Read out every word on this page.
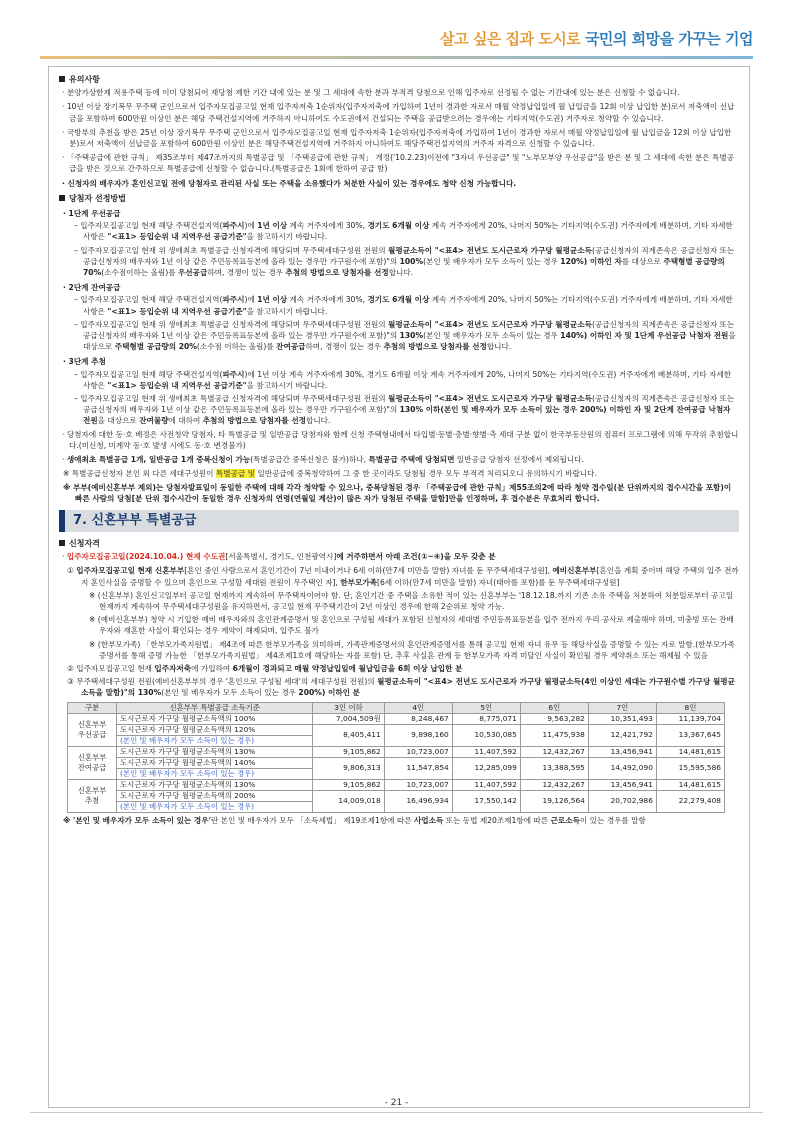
살고 싶은 집과 도시로 국민의 희망을 가꾸는 기업
유의사항
· 분양가상한제 적용주택 등에 이미 당첨되어 재당첨 제한 기간 내에 있는 분 및 그 세대에 속한 분과 부적격 당첨으로 인해 입주자로 선정될 수 없는 기간내에 있는 분은 신청할 수 없습니다.
· 10년 이상 장기복무 무주택 군인으로서 입주자모집공고일 현재 입주자저축 1순위자(입주자저축에 가입하여 1년이 경과한 자로서 매월 약정납입일에 월 납입금을 12회 이상 납입한 분)로서 저축액이 선납금을 포함하여 600만원 이상인 분은 해당 주택건설지역에 거주하지 아니하여도 수도권에서 건설되는 주택을 공급받으려는 경우에는 기타지역(수도권) 거주자로 청약할 수 있습니다.
· 국방부의 추천을 받은 25년 이상 장기복무 무주택 군인으로서 입주자모집공고일 현재 입주자저축 1순위자(입주자저축에 가입하여 1년이 경과한 자로서 매월 약정납입일에 월 납입금을 12회 이상 납입한 분)로서 저축액이 선납금을 포함하여 600만원 이상인 분은 해당주택건설지역에 거주하지 아니하여도 해당주택건설지역의 거주자 자격으로 신청할 수 있습니다.
· 「주택공급에 관한 규칙」 제35조부터 제47조까지의 특별공급 및 「주택공급에 관한 규칙」 개정('10.2.23)이전에 "3자녀 우선공급" 및 "노부모부양 우선공급"을 받은 분 및 그 세대에 속한 분은 특별공급을 받은 것으로 간주하므로 특별공급에 신청할 수 없습니다.(특별공급은 1회에 한하여 공급 함)
· 신청자의 배우자가 혼인신고일 전에 당첨자로 관리된 사실 또는 주택을 소유했다가 처분한 사실이 있는 경우에도 청약 신청 가능합니다.
당첨자 선정방법
· 1단계 우선공급
– 입주자모집공고일 현재 해당 주택건설지역(파주시)에 1년 이상 계속 거주자에게 30%, 경기도 6개월 이상 계속 거주자에게 20%, 나머지 50%는 기타지역(수도권) 거주자에게 배분하며, 기타 자세한 사항은 "<표1> 등입순위 내 지역우선 공급기준"을 참고하시기 바랍니다.
– 입주자모집공고일 현재 위 생애최초 특별공급 신청자격에 해당되며 무주택세대구성원 전원의 월평균소득이 "<표4> 전년도 도시근로자 가구당 월평균소득(공급신청자의 직계존속은 공급신청자 또는 공급신청자의 배우자와 1년 이상 같은 주민등록표등본에 올라 있는 경우만 가구원수에 포함)"의 100%(본인 및 배우자가 모두 소득이 있는 경우 120%) 이하인 자를 대상으로 주택형별 공급량의 70%(소수점이하는 올림)를 우선공급하며, 경쟁이 있는 경우 추첨의 방법으로 당첨자를 선정합니다.
· 2단계 잔여공급
– 입주자모집공고일 현재 해당 주택건설지역(파주시)에 1년 이상 계속 거주자에게 30%, 경기도 6개월 이상 계속 거주자에게 20%, 나머지 50%는 기타지역(수도권) 거주자에게 배분하며, 기타 자세한 사항은 "<표1> 등입순위 내 지역우선 공급기준"을 참고하시기 바랍니다.
– 입주자모집공고일 현재 위 생애최초 특별공급 신청자격에 해당되며 무주택세대구성원 전원의 월평균소득이 "<표4> 전년도 도시근로자 가구당 월평균소득(공급신청자의 직계존속은 공급신청자 또는 공급신청자의 배우자와 1년 이상 같은 주민등록표등본에 올라 있는 경우만 가구원수에 포함)"의 130%(본인 및 배우자가 모두 소득이 있는 경우 140%) 이하인 자 및 1단계 우선공급 낙첨자 전원을 대상으로 주택형별 공급량의 20%(소수점 이하는 올림)를 잔여공급하며, 경쟁이 있는 경우 추첨의 방법으로 당첨자를 선정합니다.
· 3단계 추첨
– 입주자모집공고일 현재 해당 주택건설지역(파주시)에 1년 이상 계속 거주자에게 30%, 경기도 6개월 이상 계속 거주자에게 20%, 나머지 50%는 기타지역(수도권) 거주자에게 배분하며, 기타 자세한 사항은 "<표1> 등입순위 내 지역우선 공급기준"을 참고하시기 바랍니다.
– 입주자모집공고일 현재 위 생애최초 특별공급 신청자격에 해당되며 무주택세대구성원 전원의 월평균소득이 "<표4> 전년도 도시근로자 가구당 월평균소득(공급신청자의 직계존속은 공급신청자 또는 공급신청자의 배우자와 1년 이상 같은 주민등록표등본에 올라 있는 경우만 가구원수에 포함)"의 130% 이하(본인 및 배우자가 모두 소득이 있는 경우 200%) 이하인 자 및 2단계 잔여공급 낙첨자 전원을 대상으로 잔여물량에 대하여 추첨의 방법으로 당첨자를 선정합니다.
· 당첨자에 대한 동·호 배정은 사전청약 당첨자, 타 특별공급 및 일반공급 당첨자와 함께 신청 주택형내에서 타입별·동별·층별·향별·측 세대 구분 없이 한국부동산원의 컴퓨터 프로그램에 의해 무작위 추첨합니다.(미신청, 미계약 동·호 발생 시에도 동·호 변경불가)
· 생애최초 특별공급 1개, 일반공급 1개 중복신청이 가능(특별공급간 중복신청은 불가)하나, 특별공급 주택에 당첨되면 일반공급 당첨자 선정에서 제외됩니다.
※ 특별공급신청자 본인 외 다른 세대구성원이 특별공급 및 일반공급에 중복청약하여 그 중 한 곳이라도 당첨될 경우 모두 부적격 처리되오니 유의하시기 바랍니다.
※ 부부(예비신혼부부 제외)는 당첨자발표일이 동일한 주택에 대해 각각 청약할 수 있으나, 중복당첨된 경우 「주택공급에 관한 규칙」제55조의2에 따라 청약 접수일(분 단위까지의 접수시간을 포함)이 빠른 사람의 당첨[분 단위 접수시간이 동일한 경우 신청자의 연령(연월일 계산)이 많은 자가 당첨된 주택을 말함]만을 인정하며, 후 접수분은 무효처리 합니다.
7. 신혼부부 특별공급
신청자격
· 입주자모집공고일(2024.10.04.) 현재 수도권[서울특별시, 경기도, 인천광역시]에 거주하면서 아래 조건(①~④)을 모두 갖춘 분
① 입주자모집공고일 현재 신혼부부[혼인 중인 사람으로서 혼인기간이 7년 이내이거나 6세 이하(만7세 미만을 말함) 자녀를 둔 무주택세대구성원], 예비신혼부부[혼인을 계획 중이며 해당 주택의 입주 전까지 혼인사실을 증명할 수 있으며 혼인으로 구성할 세대원 전원이 무주택인 자], 한부모가족[6세 이하(만7세 미만을 말함) 자녀(태아를 포함)를 둔 무주택세대구성원]
※ (신혼부부) 혼인신고일부터 공고일 현재까지 계속하여 무주택자이어야 함. 단, 혼인기간 중 주택을 소유한 적이 있는 신혼부부는 '18.12.18.까지 기존 소유 주택을 처분하여 처분일로부터 공고일 현재까지 계속하여 무주택세대구성원을 유지하면서, 공고일 현재 무주택기간이 2년 이상인 경우에 한해 2순위로 청약 가능.
※ (예비신혼부부) 청약 시 기입한 예비 배우자와의 혼인관계증명서 및 혼인으로 구성될 세대가 포함된 신청자의 세대별 주민등록표등본을 입주 전까지 우리 공사로 제출해야 하며, 미충빙 또는 잔배우자와 재혼한 사실이 확인되는 경우 계약이 해제되며, 입주도 불가
※ (한부모가족) 「한부모가족지원법」 제4조에 따른 한부모가족을 의미하며, 가족관계증명서의 혼인관계증명서를 통해 공고일 현재 자녀 유무 등 해당사실을 증명할 수 있는 자로 말함.(한부모가족증명서를 통해 증명 가능한 「한부모가족지원법」 제4조제1호에 해당하는 자를 포함) 단, 추후 사실혼 관계 등 한부모가족 자격 미달인 사실이 확인될 경우 계약취소 또는 해제될 수 있음
② 입주자모집공고일 현재 입주자저축에 가입하여 6개월이 경과되고 매월 약정납입일에 월납입금을 6회 이상 납입한 분
③ 무주택세대구성원 전원(예비신혼부부의 경우 '혼인으로 구성될 세대'의 세대구성원 전원)의 월평균소득이 "<표4> 전년도 도시근로자 가구당 월평균소득(4인 이상인 세대는 가구원수별 가구당 월평균소득을 말함)"의 130%(본인 및 배우자가 모두 소득이 있는 경우 200%) 이하인 분
구분	신혼부부 특별공급 소득기준	3인 이하	4인	5인	6인	7인	8인
신혼부부
우선공급	도시근로자 가구당 월평균소득액의 100%	7,004,509원	8,248,467	8,775,071	9,563,282	10,351,493	11,139,704
	도시근로자 가구당 월평균소득액의 120%	8,405,411	9,898,160	10,530,085	11,475,938	12,421,792	13,367,645
	(본인 및 배우자가 모두 소득이 있는 경우)						
신혼부부
잔여공급	도시근로자 가구당 월평균소득액의 130%	9,105,862	10,723,007	11,407,592	12,432,267	13,456,941	14,481,615
	도시근로자 가구당 월평균소득액의 140%	9,806,313	11,547,854	12,285,099	13,388,595	14,492,090	15,595,586
	(본인 및 배우자가 모두 소득이 있는 경우)						
신혼부부
추첨	도시근로자 가구당 월평균소득액의 130%	9,105,862	10,723,007	11,407,592	12,432,267	13,456,941	14,481,615
	도시근로자 가구당 월평균소득액의 200%	14,009,018	16,496,934	17,550,142	19,126,564	20,702,986	22,279,408
	(본인 및 배우자가 모두 소득이 있는 경우)						
※ '본인 및 배우자가 모두 소득이 있는 경우'란 본인 및 배우자가 모두 「소득세법」 제19조제1항에 따른 사업소득 또는 동법 제20조제1항에 따른 근로소득이 있는 경우를 말함
- 21 -
